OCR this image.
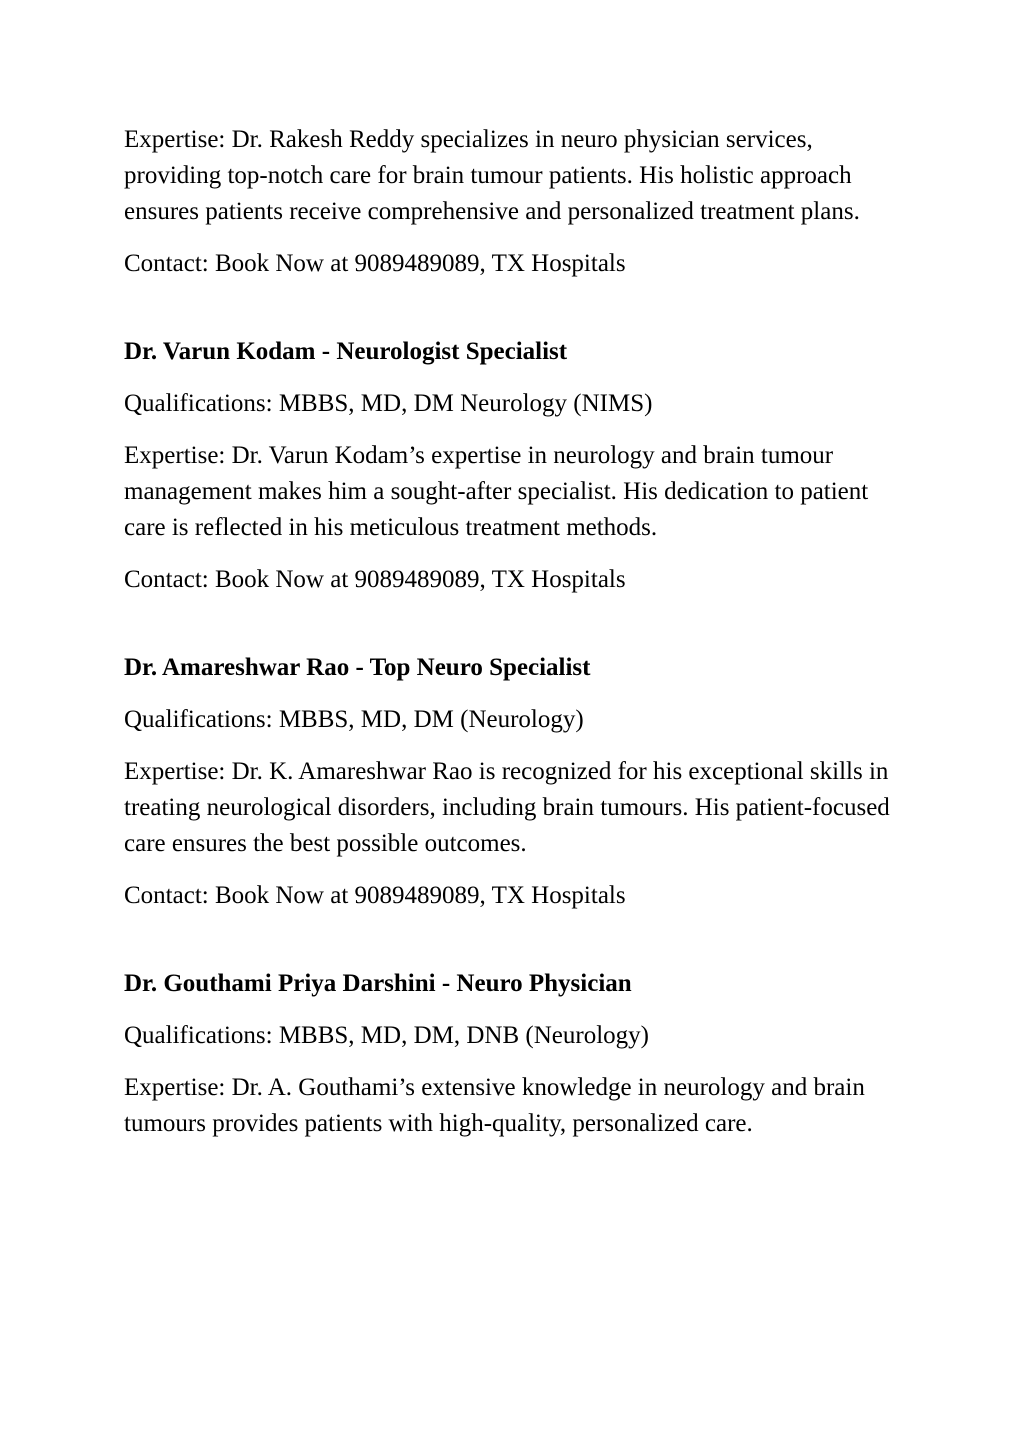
Expertise: Dr. Rakesh Reddy specializes in neuro physician services, providing top-notch care for brain tumour patients. His holistic approach ensures patients receive comprehensive and personalized treatment plans.

Contact: Book Now at 9089489089, TX Hospitals

Dr. Varun Kodam - Neurologist Specialist

Qualifications: MBBS, MD, DM Neurology (NIMS)

Expertise: Dr. Varun Kodam’s expertise in neurology and brain tumour management makes him a sought-after specialist. His dedication to patient care is reflected in his meticulous treatment methods.

Contact: Book Now at 9089489089, TX Hospitals

Dr. Amareshwar Rao - Top Neuro Specialist

Qualifications: MBBS, MD, DM (Neurology)

Expertise: Dr. K. Amareshwar Rao is recognized for his exceptional skills in treating neurological disorders, including brain tumours. His patient-focused care ensures the best possible outcomes.

Contact: Book Now at 9089489089, TX Hospitals

Dr. Gouthami Priya Darshini - Neuro Physician

Qualifications: MBBS, MD, DM, DNB (Neurology)

Expertise: Dr. A. Gouthami’s extensive knowledge in neurology and brain tumours provides patients with high-quality, personalized care.
